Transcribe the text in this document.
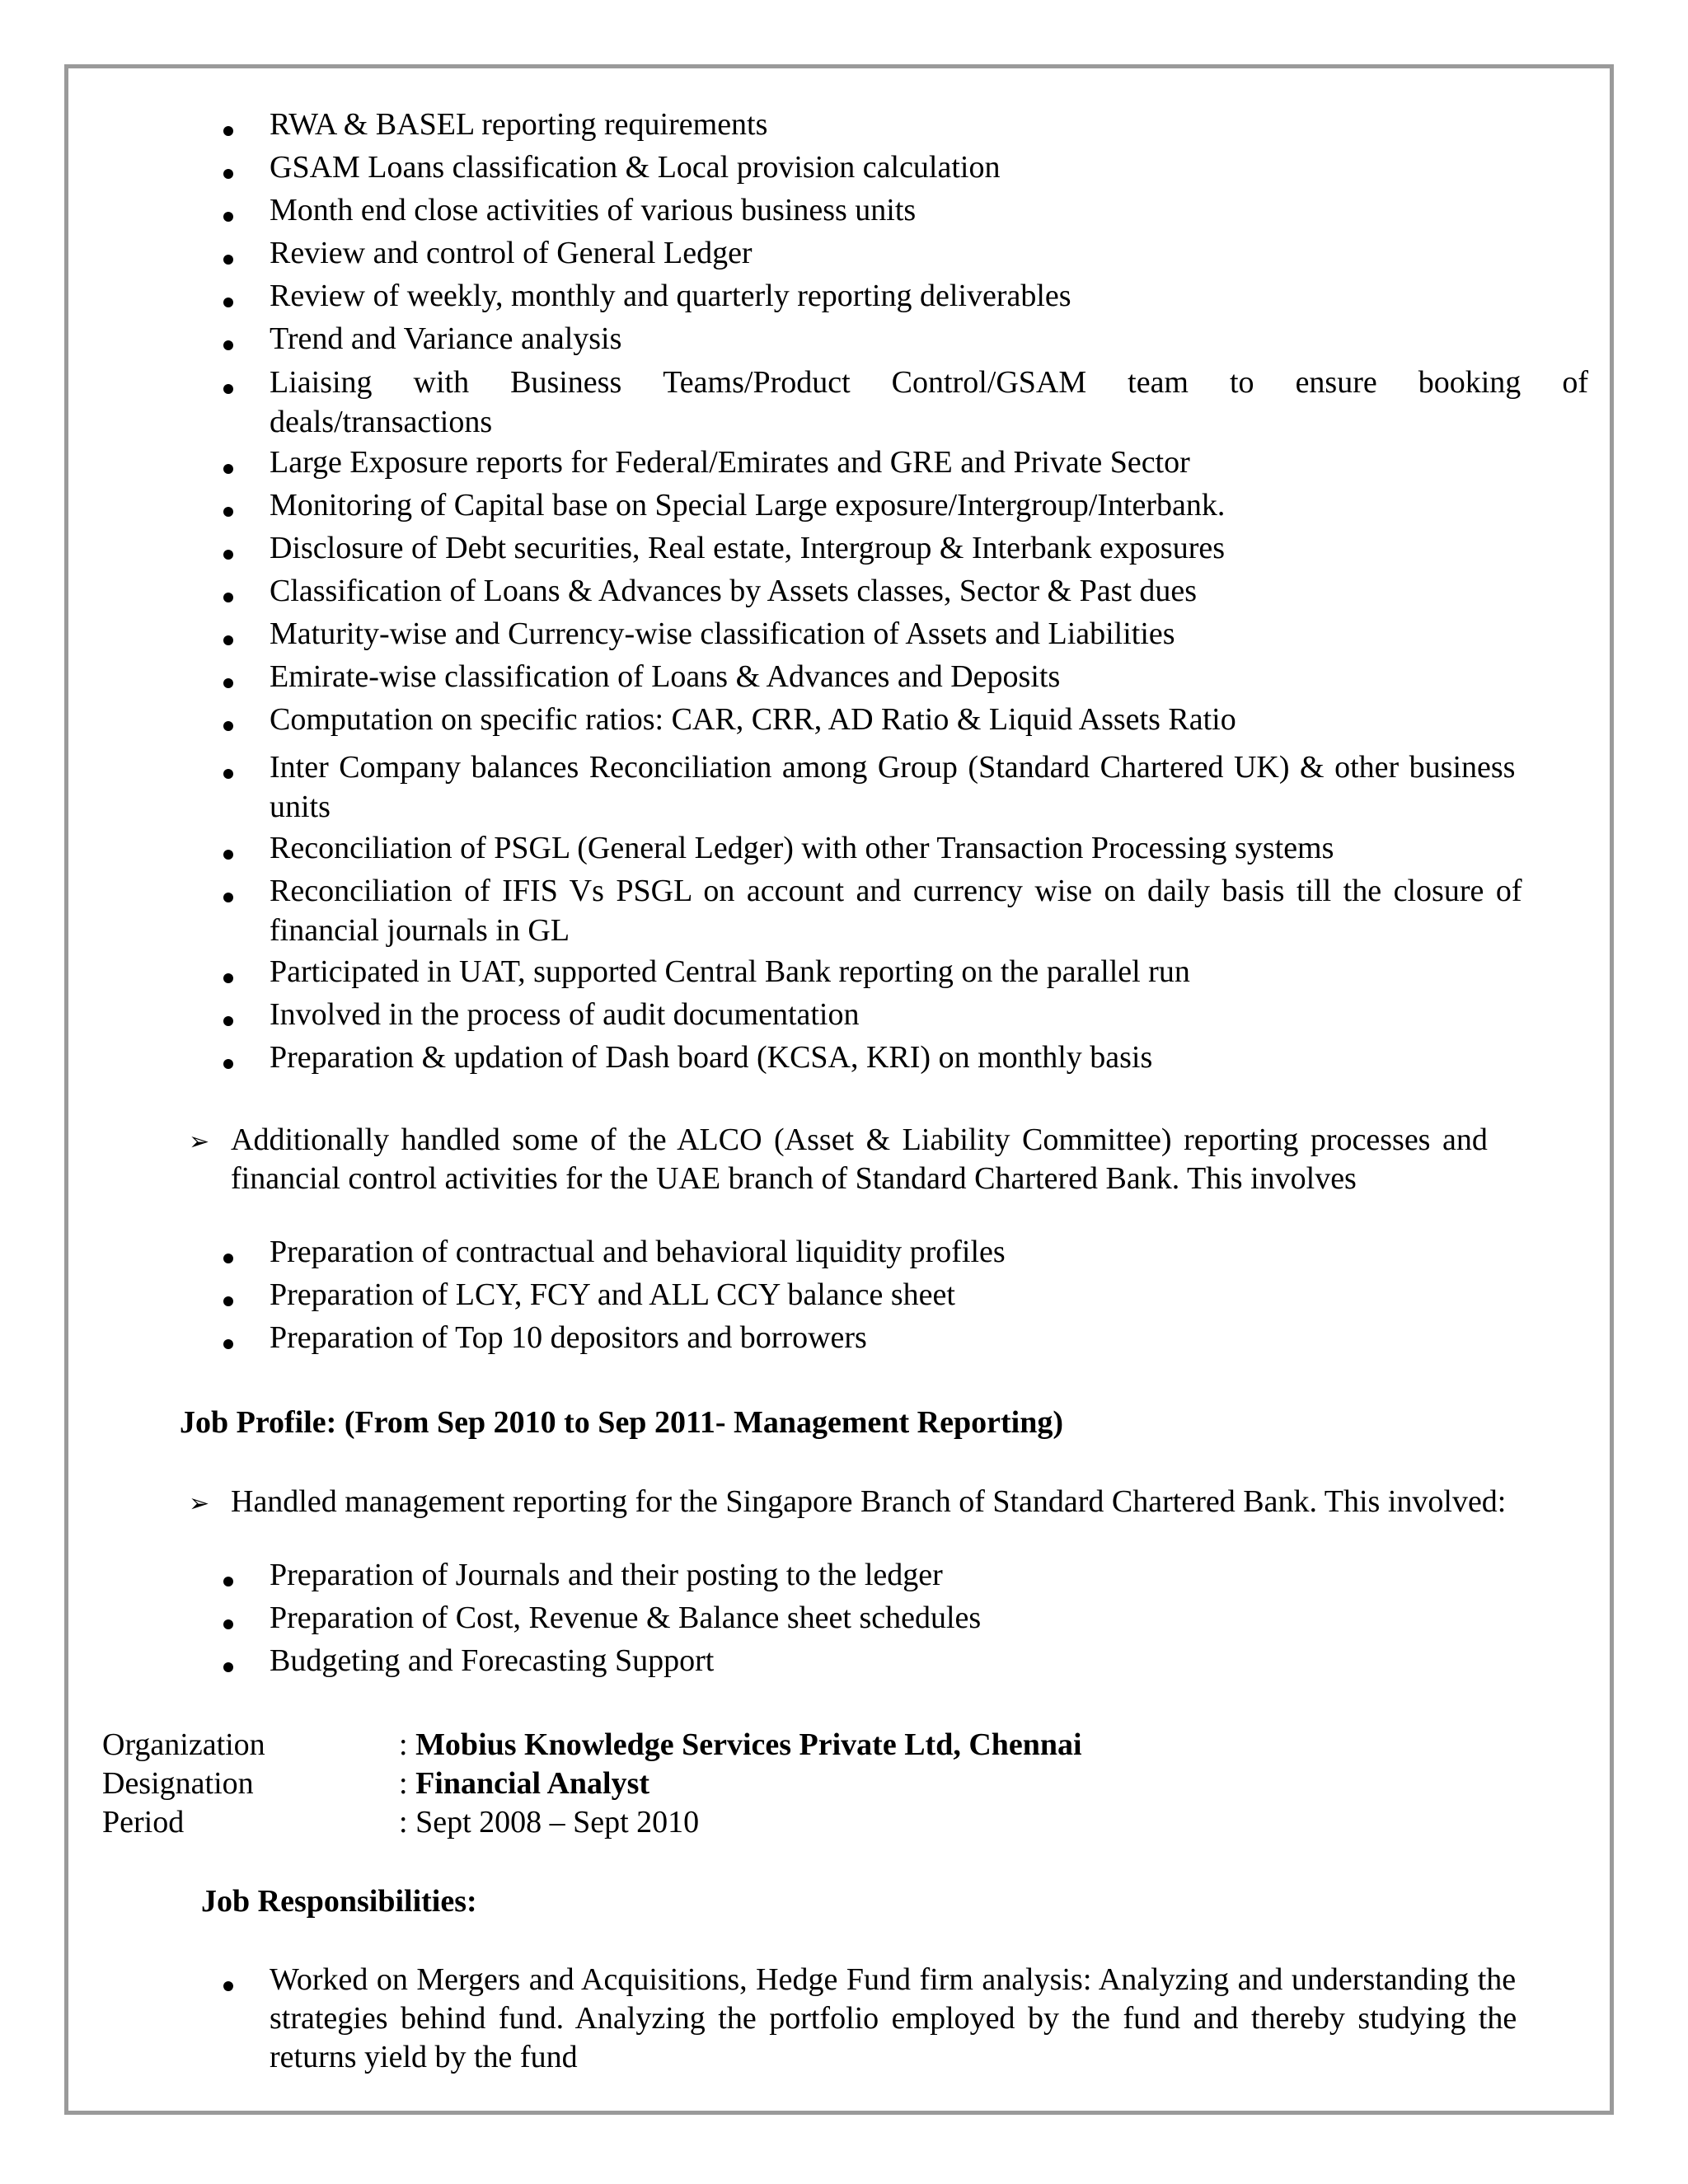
RWA & BASEL reporting requirements
GSAM Loans classification & Local provision calculation
Month end close activities of various business units
Review and control of General Ledger
Review of weekly, monthly and quarterly reporting deliverables
Trend and Variance analysis
Liaising with Business Teams/Product Control/GSAM team to ensure booking of
deals/transactions
Large Exposure reports for Federal/Emirates and GRE and Private Sector
Monitoring of Capital base on Special Large exposure/Intergroup/Interbank.
Disclosure of Debt securities, Real estate, Intergroup & Interbank exposures
Classification of Loans & Advances by Assets classes, Sector & Past dues
Maturity-wise and Currency-wise classification of Assets and Liabilities
Emirate-wise classification of Loans & Advances and Deposits
Computation on specific ratios: CAR, CRR, AD Ratio & Liquid Assets Ratio
Inter Company balances Reconciliation among Group (Standard Chartered UK) & other business
units
Reconciliation of PSGL (General Ledger) with other Transaction Processing systems
Reconciliation of IFIS Vs PSGL on account and currency wise on daily basis till the closure of
financial journals in GL
Participated in UAT, supported Central Bank reporting on the parallel run
Involved in the process of audit documentation
Preparation & updation of Dash board (KCSA, KRI) on monthly basis
➢ Additionally handled some of the ALCO (Asset & Liability Committee) reporting processes and
financial control activities for the UAE branch of Standard Chartered Bank. This involves
Preparation of contractual and behavioral liquidity profiles
Preparation of LCY, FCY and ALL CCY balance sheet
Preparation of Top 10 depositors and borrowers
Job Profile: (From Sep 2010 to Sep 2011- Management Reporting)
➢ Handled management reporting for the Singapore Branch of Standard Chartered Bank. This involved:
Preparation of Journals and their posting to the ledger
Preparation of Cost, Revenue & Balance sheet schedules
Budgeting and Forecasting Support
Organization	: Mobius Knowledge Services Private Ltd, Chennai
Designation	: Financial Analyst
Period	: Sept 2008 – Sept 2010
Job Responsibilities:
Worked on Mergers and Acquisitions, Hedge Fund firm analysis: Analyzing and understanding the
strategies behind fund. Analyzing the portfolio employed by the fund and thereby studying the
returns yield by the fund
